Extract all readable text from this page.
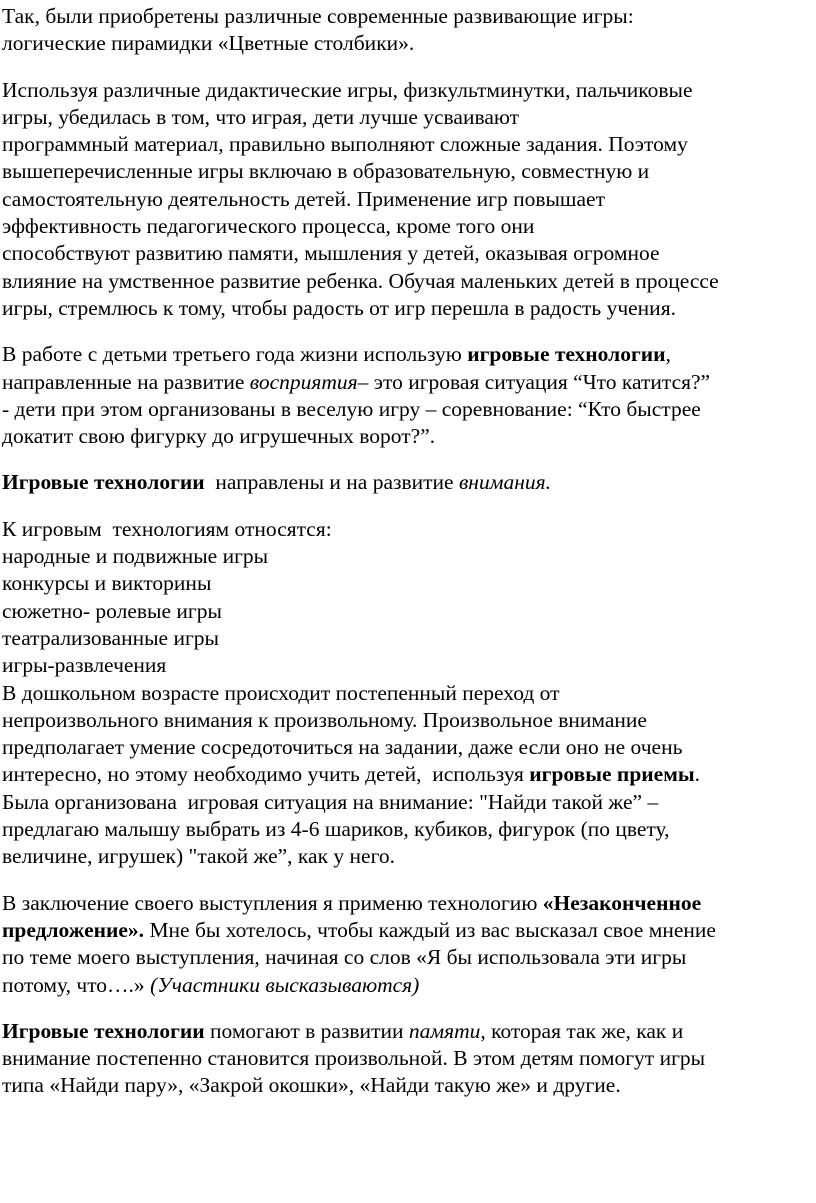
Так, были приобретены различные современные развивающие игры:
логические пирамидки «Цветные столбики».

Используя различные дидактические игры, физкультминутки, пальчиковые
игры, убедилась в том, что играя, дети лучше усваивают
программный материал, правильно выполняют сложные задания. Поэтому
вышеперечисленные игры включаю в образовательную, совместную и
самостоятельную деятельность детей. Применение игр повышает
эффективность педагогического процесса, кроме того они
способствуют развитию памяти, мышления у детей, оказывая огромное
влияние на умственное развитие ребенка. Обучая маленьких детей в процессе
игры, стремлюсь к тому, чтобы радость от игр перешла в радость учения.

В работе с детьми третьего года жизни использую игровые технологии,
направленные на развитие восприятия– это игровая ситуация “Что катится?”
- дети при этом организованы в веселую игру – соревнование: “Кто быстрее
докатит свою фигурку до игрушечных ворот?”.

Игровые технологии  направлены и на развитие внимания.

К игровым  технологиям относятся:
народные и подвижные игры
конкурсы и викторины
сюжетно- ролевые игры
театрализованные игры
игры-развлечения
В дошкольном возрасте происходит постепенный переход от
непроизвольного внимания к произвольному. Произвольное внимание
предполагает умение сосредоточиться на задании, даже если оно не очень
интересно, но этому необходимо учить детей,  используя игровые приемы.
Была организована  игровая ситуация на внимание: "Найди такой же” –
предлагаю малышу выбрать из 4-6 шариков, кубиков, фигурок (по цвету,
величине, игрушек) "такой же”, как у него.

В заключение своего выступления я применю технологию «Незаконченное
предложение». Мне бы хотелось, чтобы каждый из вас высказал свое мнение
по теме моего выступления, начиная со слов «Я бы использовала эти игры
потому, что….» (Участники высказываются)

Игровые технологии помогают в развитии памяти, которая так же, как и
внимание постепенно становится произвольной. В этом детям помогут игры
типа «Найди пару», «Закрой окошки», «Найди такую же» и другие.
